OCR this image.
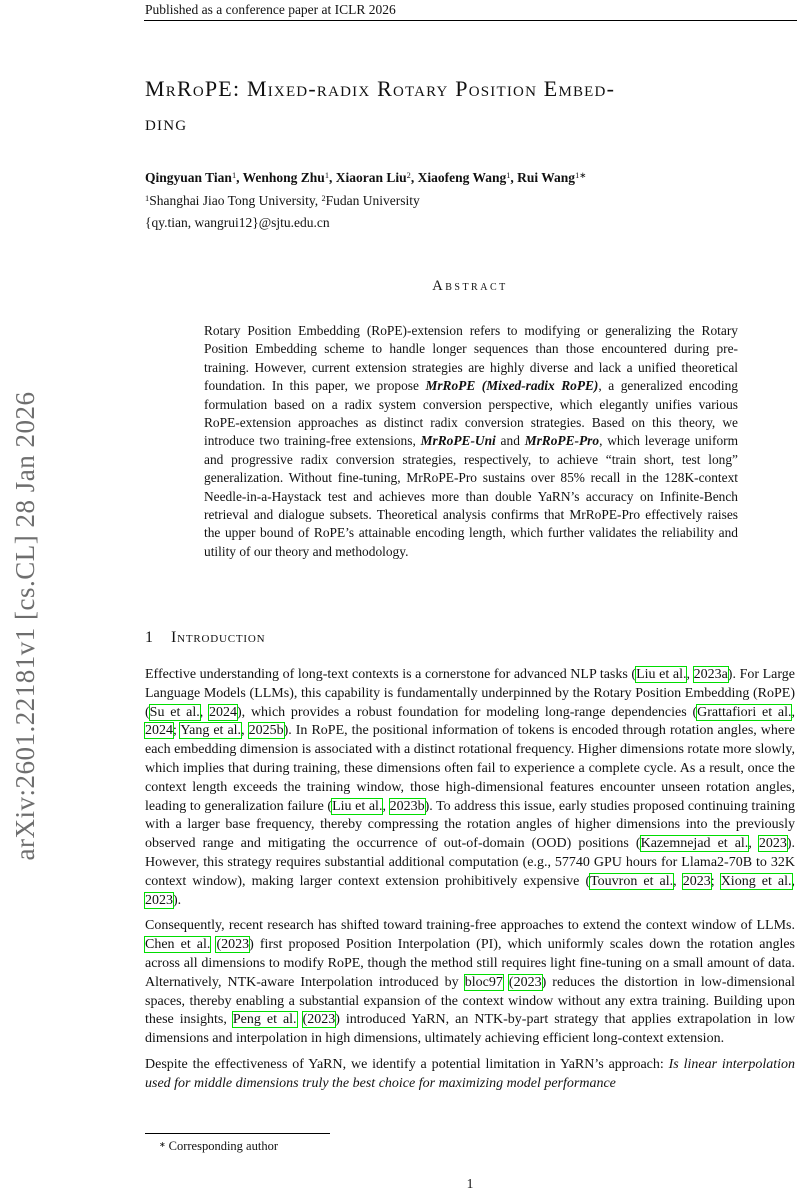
Published as a conference paper at ICLR 2026
arXiv:2601.22181v1 [cs.CL] 28 Jan 2026
MrRoPE: Mixed-radix Rotary Position Embed-
ding
Qingyuan Tian$^1$, Wenhong Zhu$^1$, Xiaoran Liu$^2$, Xiaofeng Wang$^1$, Rui Wang$^{1∗}$
$^1$Shanghai Jiao Tong University, $^2$Fudan University
{qy.tian, wangrui12}@sjtu.edu.cn
Abstract
Rotary Position Embedding (RoPE)-extension refers to modifying or generalizing the Rotary Position Embedding scheme to handle longer sequences than those encountered during pre-training. However, current extension strategies are highly diverse and lack a unified theoretical foundation. In this paper, we propose MrRoPE (Mixed-radix RoPE), a generalized encoding formulation based on a radix system conversion perspective, which elegantly unifies various RoPE-extension approaches as distinct radix conversion strategies. Based on this theory, we introduce two training-free extensions, MrRoPE-Uni and MrRoPE-Pro, which leverage uniform and progressive radix conversion strategies, respectively, to achieve “train short, test long” generalization. Without fine-tuning, MrRoPE-Pro sustains over 85% recall in the 128K-context Needle-in-a-Haystack test and achieves more than double YaRN’s accuracy on Infinite-Bench retrieval and dialogue subsets. Theoretical analysis confirms that MrRoPE-Pro effectively raises the upper bound of RoPE’s attainable encoding length, which further validates the reliability and utility of our theory and methodology.
1 Introduction

Effective understanding of long-text contexts is a cornerstone for advanced NLP tasks (Liu et al., 2023a). For Large Language Models (LLMs), this capability is fundamentally underpinned by the Rotary Position Embedding (RoPE) (Su et al., 2024), which provides a robust foundation for modeling long-range dependencies (Grattafiori et al., 2024; Yang et al., 2025b). In RoPE, the positional information of tokens is encoded through rotation angles, where each embedding dimension is associated with a distinct rotational frequency. Higher dimensions rotate more slowly, which implies that during training, these dimensions often fail to experience a complete cycle. As a result, once the context length exceeds the training window, those high-dimensional features encounter unseen rotation angles, leading to generalization failure (Liu et al., 2023b). To address this issue, early studies proposed continuing training with a larger base frequency, thereby compressing the rotation angles of higher dimensions into the previously observed range and mitigating the occurrence of out-of-domain (OOD) positions (Kazemnejad et al., 2023). However, this strategy requires substantial additional computation (e.g., 57740 GPU hours for Llama2-70B to 32K context window), making larger context extension prohibitively expensive (Touvron et al., 2023; Xiong et al., 2023).

Consequently, recent research has shifted toward training-free approaches to extend the context window of LLMs. Chen et al. (2023) first proposed Position Interpolation (PI), which uniformly scales down the rotation angles across all dimensions to modify RoPE, though the method still requires light fine-tuning on a small amount of data. Alternatively, NTK-aware Interpolation introduced by bloc97 (2023) reduces the distortion in low-dimensional spaces, thereby enabling a substantial expansion of the context window without any extra training. Building upon these insights, Peng et al. (2023) introduced YaRN, an NTK-by-part strategy that applies extrapolation in low dimensions and interpolation in high dimensions, ultimately achieving efficient long-context extension.

Despite the effectiveness of YaRN, we identify a potential limitation in YaRN’s approach: Is linear interpolation used for middle dimensions truly the best choice for maximizing model performance

∗ Corresponding author
1
